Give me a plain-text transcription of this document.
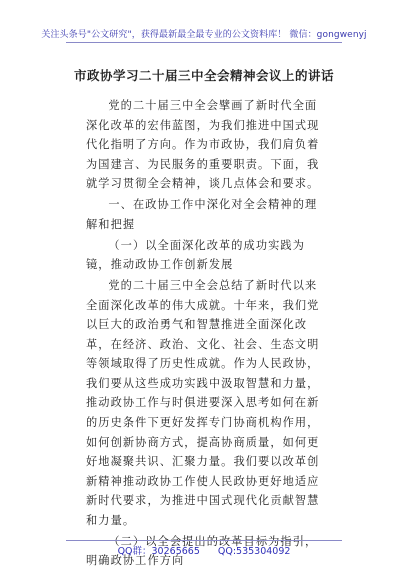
关注头条号"公文研究"，获得最新最全最专业的公文资料库！ 微信：gongwenyj
市政协学习二十届三中全会精神会议上的讲话

党的二十届三中全会擘画了新时代全面深化改革的宏伟蓝图，为我们推进中国式现代化指明了方向。作为市政协，我们肩负着为国建言、为民服务的重要职责。下面，我就学习贯彻全会精神，谈几点体会和要求。

一、在政协工作中深化对全会精神的理解和把握

（一）以全面深化改革的成功实践为镜，推动政协工作创新发展

党的二十届三中全会总结了新时代以来全面深化改革的伟大成就。十年来，我们党以巨大的政治勇气和智慧推进全面深化改革，在经济、政治、文化、社会、生态文明等领域取得了历史性成就。作为人民政协，我们要从这些成功实践中汲取智慧和力量，推动政协工作与时俱进要深入思考如何在新的历史条件下更好发挥专门协商机构作用，如何创新协商方式，提高协商质量，如何更好地凝聚共识、汇聚力量。我们要以改革创新精神推动政协工作使人民政协更好地适应新时代要求，为推进中国式现代化贡献智慧和力量。

（二）以全会提出的改革目标为指引，明确政协工作方向

QQ群：30265665 QQ:535304092
